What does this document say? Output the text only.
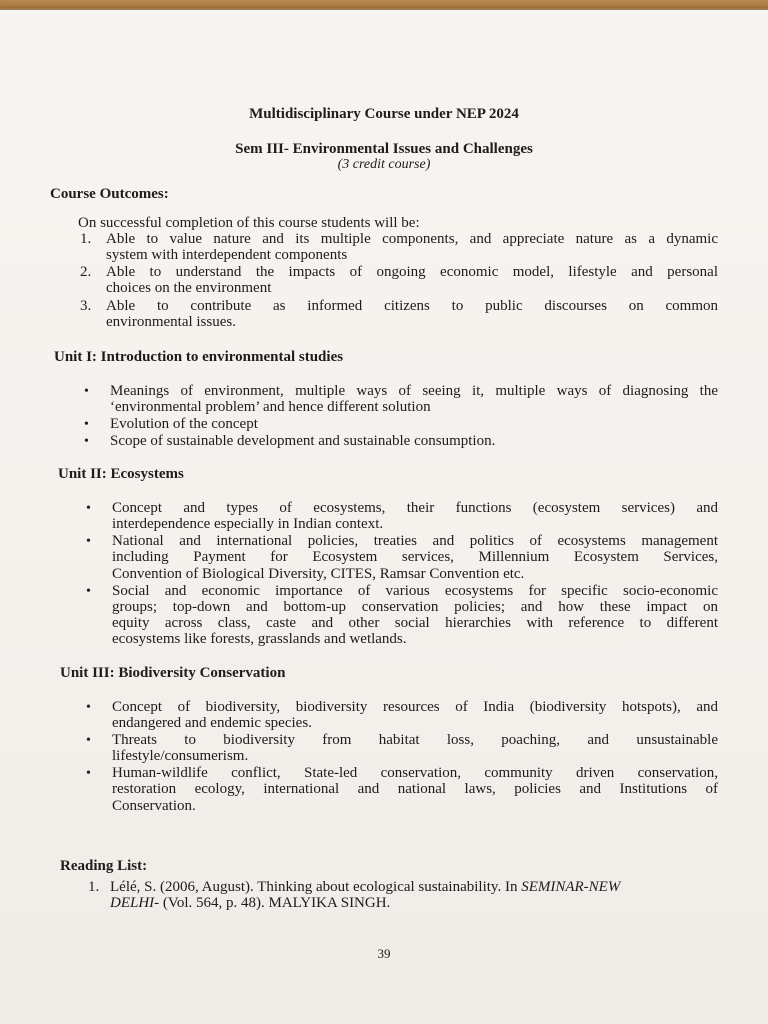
Multidisciplinary Course under NEP 2024
Sem III- Environmental Issues and Challenges
(3 credit course)
Course Outcomes:
On successful completion of this course students will be:
1. Able to value nature and its multiple components, and appreciate nature as a dynamic
system with interdependent components
2. Able to understand the impacts of ongoing economic model, lifestyle and personal
choices on the environment
3. Able to contribute as informed citizens to public discourses on common
environmental issues.
Unit I: Introduction to environmental studies
• Meanings of environment, multiple ways of seeing it, multiple ways of diagnosing the
‘environmental problem’ and hence different solution
• Evolution of the concept
• Scope of sustainable development and sustainable consumption.
Unit II: Ecosystems
• Concept and types of ecosystems, their functions (ecosystem services) and
interdependence especially in Indian context.
• National and international policies, treaties and politics of ecosystems management
including Payment for Ecosystem services, Millennium Ecosystem Services,
Convention of Biological Diversity, CITES, Ramsar Convention etc.
• Social and economic importance of various ecosystems for specific socio-economic
groups; top-down and bottom-up conservation policies; and how these impact on
equity across class, caste and other social hierarchies with reference to different
ecosystems like forests, grasslands and wetlands.
Unit III: Biodiversity Conservation
• Concept of biodiversity, biodiversity resources of India (biodiversity hotspots), and
endangered and endemic species.
• Threats to biodiversity from habitat loss, poaching, and unsustainable
lifestyle/consumerism.
• Human-wildlife conflict, State-led conservation, community driven conservation,
restoration ecology, international and national laws, policies and Institutions of
Conservation.
Reading List:
1. Lélé, S. (2006, August). Thinking about ecological sustainability. In SEMINAR-NEW
DELHI- (Vol. 564, p. 48). MALYIKA SINGH.
39
